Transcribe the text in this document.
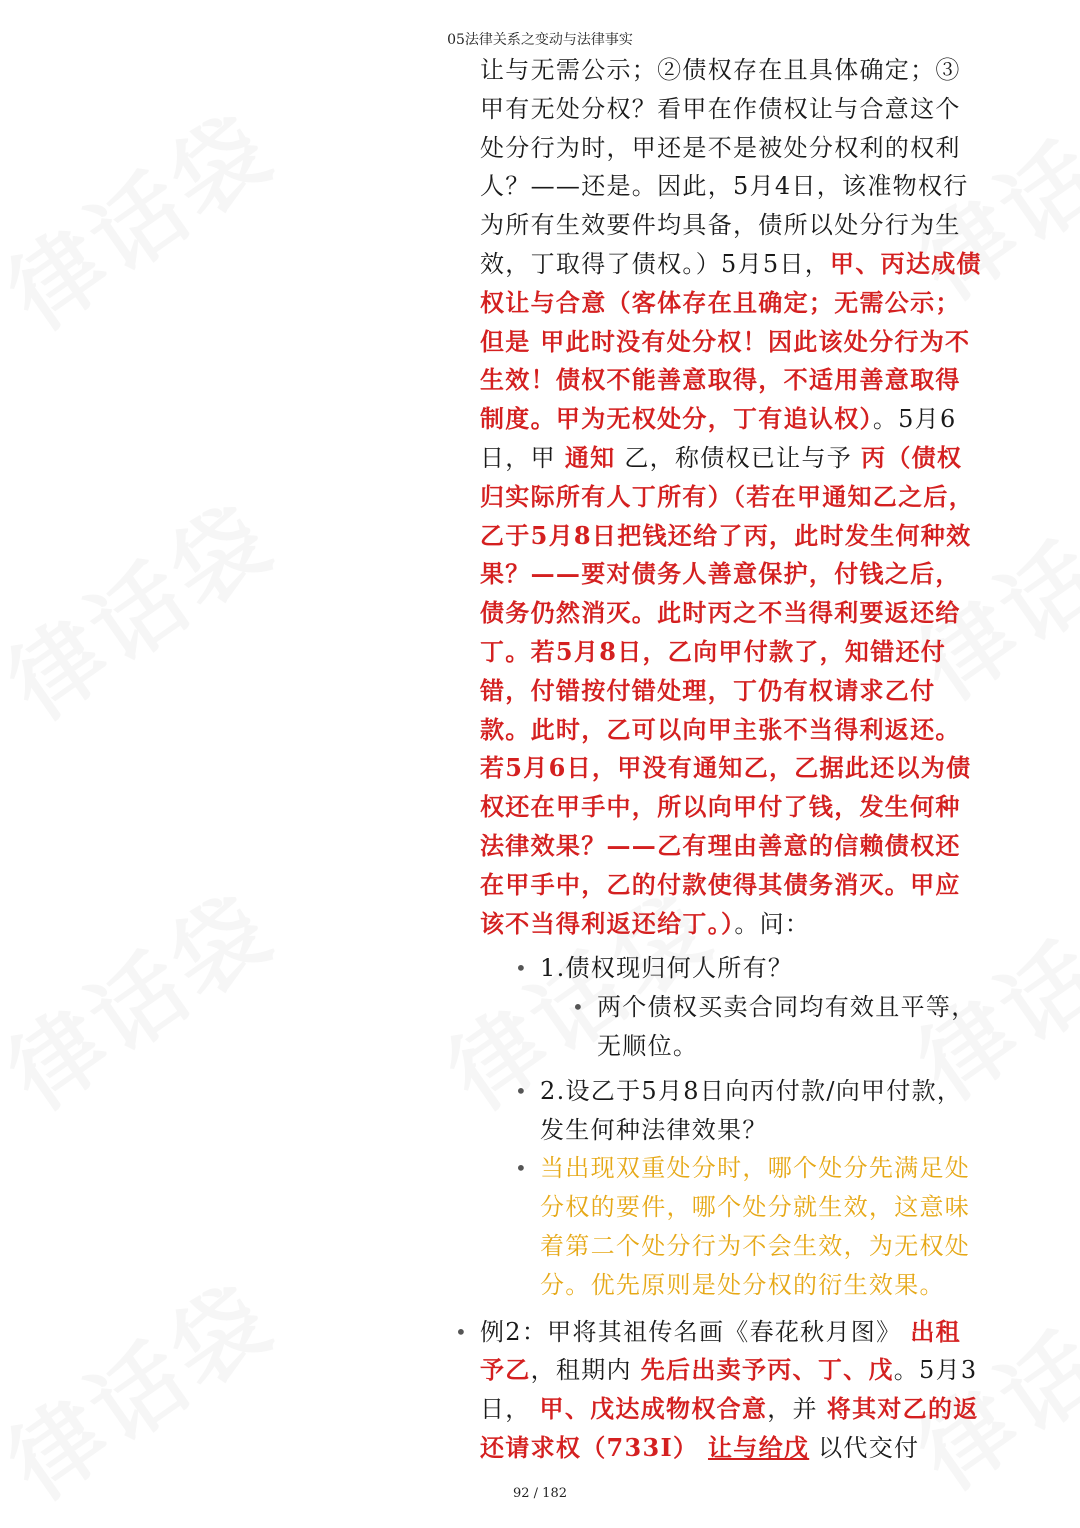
05法律关系之变动与法律事实

让与无需公示；②债权存在且具体确定；③甲有无处分权？看甲在作债权让与合意这个处分行为时，甲还是不是被处分权利的权利人？——还是。因此，5月4日，该准物权行为所有生效要件均具备，债所以处分行为生效，丁取得了债权。）5月5日，甲、丙达成债权让与合意（客体存在且确定；无需公示；但是 甲此时没有处分权！因此该处分行为不生效！债权不能善意取得，不适用善意取得制度。甲为无权处分，丁有追认权）。5月6日，甲 通知 乙，称债权已让与予 丙（债权归实际所有人丁所有）（若在甲通知乙之后，乙于5月8日把钱还给了丙，此时发生何种效果？——要对债务人善意保护，付钱之后，债务仍然消灭。此时丙之不当得利要返还给丁。若5月8日，乙向甲付款了，知错还付错，付错按付错处理，丁仍有权请求乙付款。此时，乙可以向甲主张不当得利返还。若5月6日，甲没有通知乙，乙据此还以为债权还在甲手中，所以向甲付了钱，发生何种法律效果？——乙有理由善意的信赖债权还在甲手中，乙的付款使得其债务消灭。甲应该不当得利返还给丁。）。问：

• 1.债权现归何人所有？
• 两个债权买卖合同均有效且平等，无顺位。
• 2.设乙于5月8日向丙付款/向甲付款，发生何种法律效果？
• 当出现双重处分时，哪个处分先满足处分权的要件，哪个处分就生效，这意味着第二个处分行为不会生效，为无权处分。优先原则是处分权的衍生效果。
• 例2：甲将其祖传名画《春花秋月图》 出租予乙，租期内 先后出卖予丙、丁、戊。5月3日， 甲、戊达成物权合意，并 将其对乙的返还请求权（733I） 让与给戊 以代交付
92 / 182
